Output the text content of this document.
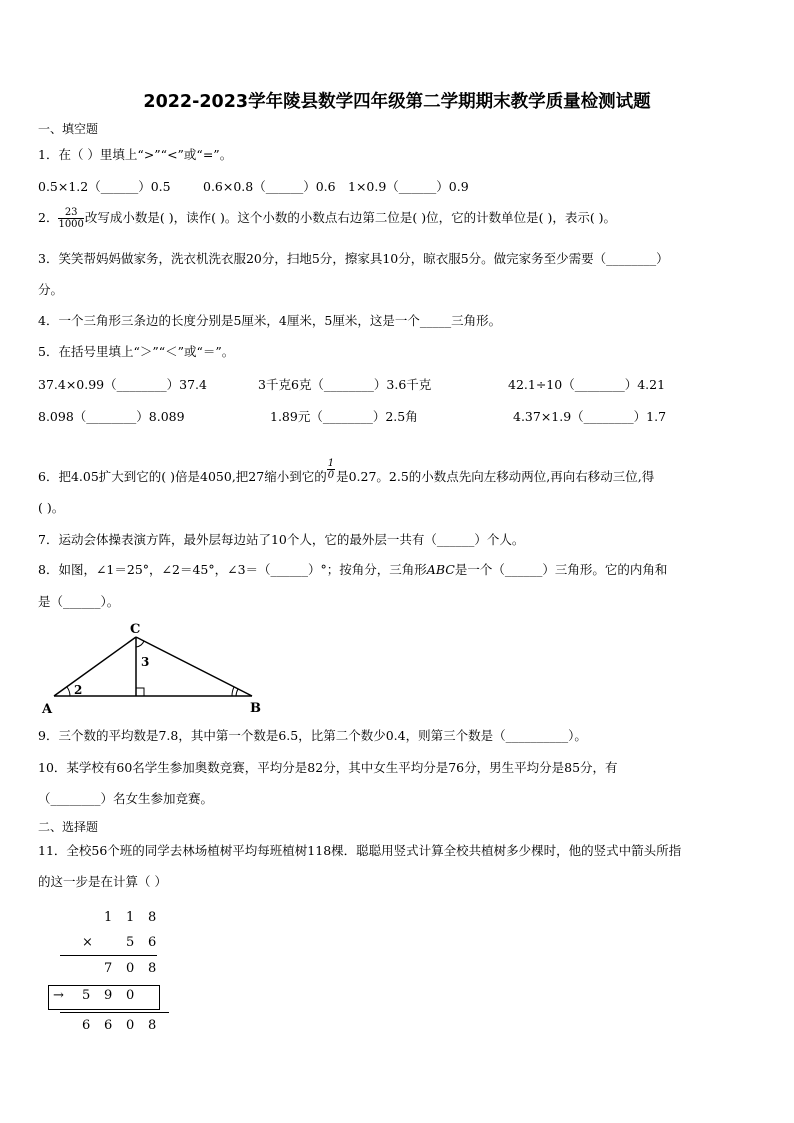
2022-2023学年陵县数学四年级第二学期期末教学质量检测试题
一、填空题
1．在（ ）里填上“>”“<”或“=”。
0.5×1.2（______）0.5	0.6×0.8（______）0.6 1×0.9（______）0.9
2． $\frac{23}{1000}$ 改写成小数是( )，读作( )。这个小数的小数点右边第二位是( )位，它的计数单位是( )，表示( )。
3．笑笑帮妈妈做家务，洗衣机洗衣服20分，扫地5分，擦家具10分，晾衣服5分。做完家务至少需要（________）
分。
4．一个三角形三条边的长度分别是5厘米，4厘米，5厘米，这是一个_____三角形。
5．在括号里填上“＞”“＜”或“＝”。
37.4×0.99（________）37.4	3千克6克（________）3.6千克	42.1÷10（________）4.21
8.098（________）8.089	1.89元（________）2.5角	4.37×1.9（________）1.7
6．把4.05扩大到它的( )倍是4050,把27缩小到它的 $\frac{1}{0}$ 是0.27。2.5的小数点先向左移动两位,再向右移动三位,得
( )。
7．运动会体操表演方阵，最外层每边站了10个人，它的最外层一共有（______）个人。
8．如图，∠1＝25°，∠2＝45°，∠3＝（______）°；按角分，三角形ABC是一个（______）三角形。它的内角和
是（______）。
A	B
C
2
3
9．三个数的平均数是7.8，其中第一个数是6.5，比第二个数少0.4，则第三个数是（__________）。
10．某学校有60名学生参加奥数竞赛，平均分是82分，其中女生平均分是76分，男生平均分是85分，有
（________）名女生参加竞赛。
二、选择题
11．全校56个班的同学去林场植树平均每班植树118棵．聪聪用竖式计算全校共植树多少棵时，他的竖式中箭头所指
的这一步是在计算（ ）
1 1 8
×	5 6
7 0 8
→ 5 9 0
6 6 0 8
